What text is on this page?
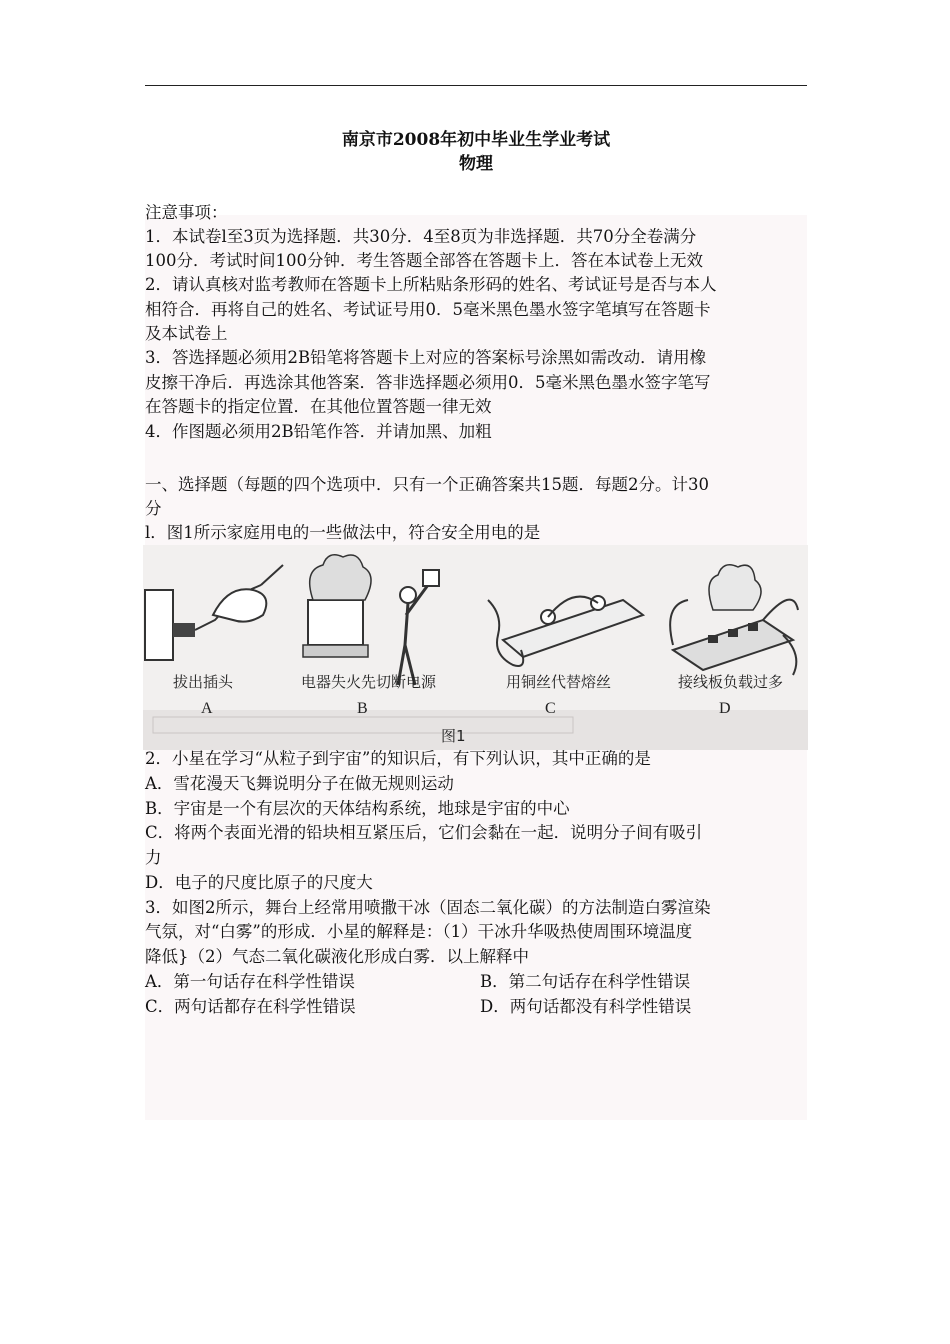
南京市2008年初中毕业生学业考试
物理
注意事项：
1．本试卷l至3页为选择题．共30分．4至8页为非选择题．共70分全卷满分
100分．考试时间100分钟．考生答题全部答在答题卡上．答在本试卷上无效
2．请认真核对监考教师在答题卡上所粘贴条形码的姓名、考试证号是否与本人
相符合．再将自己的姓名、考试证号用0．5毫米黑色墨水签字笔填写在答题卡
及本试卷上
3．答选择题必须用2B铅笔将答题卡上对应的答案标号涂黑如需改动．请用橡
皮擦干净后．再选涂其他答案．答非选择题必须用0．5毫米黑色墨水签字笔写
在答题卡的指定位置．在其他位置答题一律无效
4．作图题必须用2B铅笔作答．并请加黑、加粗
一、选择题（每题的四个选项中．只有一个正确答案共15题．每题2分。计30
分
l．图1所示家庭用电的一些做法中，符合安全用电的是
拔出插头
A
电器失火先切断电源
B
用铜丝代替熔丝
C
接线板负载过多
D
图1
2．小星在学习“从粒子到宇宙”的知识后，有下列认识，其中正确的是
A．雪花漫天飞舞说明分子在做无规则运动
B．宇宙是一个有层次的天体结构系统，地球是宇宙的中心
C．将两个表面光滑的铅块相互紧压后，它们会黏在一起．说明分子间有吸引
力
D．电子的尺度比原子的尺度大
3．如图2所示，舞台上经常用喷撒干冰（固态二氧化碳）的方法制造白雾渲染
气氛，对“白雾”的形成．小星的解释是：（1）干冰升华吸热使周围环境温度
降低}（2）气态二氧化碳液化形成白雾．以上解释中
A．第一句话存在科学性错误	B．第二句话存在科学性错误
C．两句话都存在科学性错误	D．两句话都没有科学性错误
